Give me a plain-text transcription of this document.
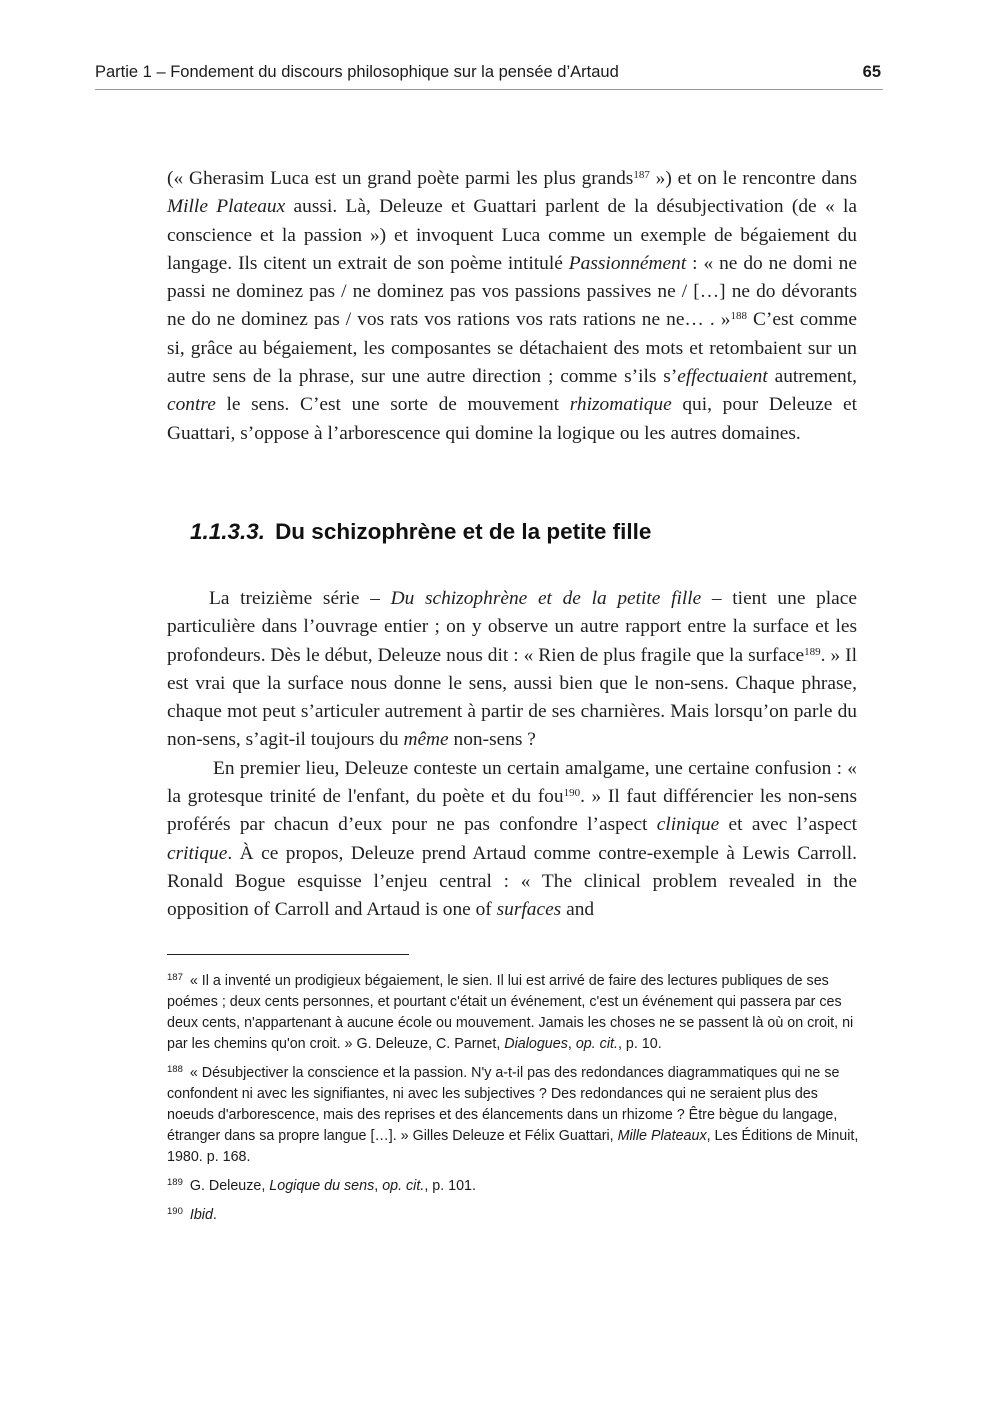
Partie 1 – Fondement du discours philosophique sur la pensée d’Artaud	65

(« Gherasim Luca est un grand poète parmi les plus grands$^{187}$ ») et on le rencontre dans Mille Plateaux aussi. Là, Deleuze et Guattari parlent de la désubjectivation (de « la conscience et la passion ») et invoquent Luca comme un exemple de bégaiement du langage. Ils citent un extrait de son poème intitulé Passionnément : « ne do ne domi ne passi ne dominez pas / ne dominez pas vos passions passives ne / […] ne do dévorants ne do ne dominez pas / vos rats vos rations vos rats rations ne ne… . »$^{188}$ C’est comme si, grâce au bégaiement, les composantes se détachaient des mots et retombaient sur un autre sens de la phrase, sur une autre direction ; comme s’ils s’effectuaient autrement, contre le sens. C’est une sorte de mouvement rhizomatique qui, pour Deleuze et Guattari, s’oppose à l’arborescence qui domine la logique ou les autres domaines.

1.1.3.3. Du schizophrène et de la petite fille

La treizième série – Du schizophrène et de la petite fille – tient une place particulière dans l’ouvrage entier ; on y observe un autre rapport entre la surface et les profondeurs. Dès le début, Deleuze nous dit : « Rien de plus fragile que la surface$^{189}$. » Il est vrai que la surface nous donne le sens, aussi bien que le non-sens. Chaque phrase, chaque mot peut s’articuler autrement à partir de ses charnières. Mais lorsqu’on parle du non-sens, s’agit-il toujours du même non-sens ?

En premier lieu, Deleuze conteste un certain amalgame, une certaine confusion : « la grotesque trinité de l'enfant, du poète et du fou$^{190}$. » Il faut différencier les non-sens proférés par chacun d’eux pour ne pas confondre l’aspect clinique et avec l’aspect critique. À ce propos, Deleuze prend Artaud comme contre-exemple à Lewis Carroll. Ronald Bogue esquisse l’enjeu central : « The clinical problem revealed in the opposition of Carroll and Artaud is one of surfaces and

$^{187}$ « Il a inventé un prodigieux bégaiement, le sien. Il lui est arrivé de faire des lectures publiques de ses poémes ; deux cents personnes, et pourtant c'était un événement, c'est un événement qui passera par ces deux cents, n'appartenant à aucune école ou mouvement. Jamais les choses ne se passent là où on croit, ni par les chemins qu'on croit. » G. Deleuze, C. Parnet, Dialogues, op. cit., p. 10.

$^{188}$ « Désubjectiver la conscience et la passion. N'y a-t-il pas des redondances diagrammatiques qui ne se confondent ni avec les signifiantes, ni avec les subjectives ? Des redondances qui ne seraient plus des noeuds d'arborescence, mais des reprises et des élancements dans un rhizome ? Être bègue du langage, étranger dans sa propre langue […]. » Gilles Deleuze et Félix Guattari, Mille Plateaux, Les Éditions de Minuit, 1980. p. 168.

$^{189}$ G. Deleuze, Logique du sens, op. cit., p. 101.

$^{190}$ Ibid.
